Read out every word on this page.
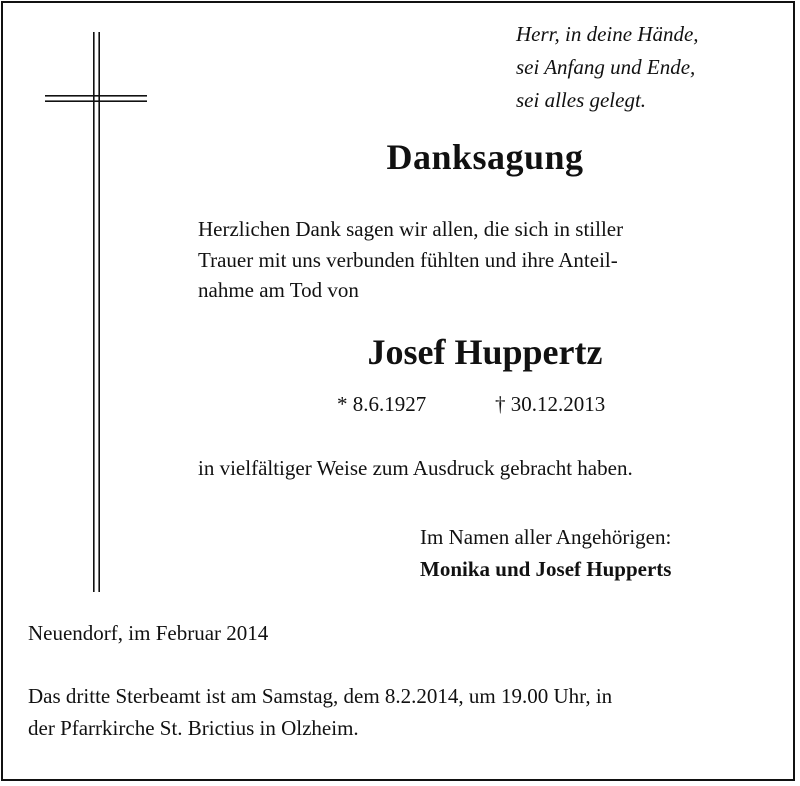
Herr, in deine Hände,
sei Anfang und Ende,
sei alles gelegt.
Danksagung
Herzlichen Dank sagen wir allen, die sich in stiller
Trauer mit uns verbunden fühlten und ihre Anteil-
nahme am Tod von
Josef Huppertz
* 8.6.1927	† 30.12.2013
in vielfältiger Weise zum Ausdruck gebracht haben.
Im Namen aller Angehörigen:
Monika und Josef Hupperts
Neuendorf, im Februar 2014
Das dritte Sterbeamt ist am Samstag, dem 8.2.2014, um 19.00 Uhr, in
der Pfarrkirche St. Brictius in Olzheim.
